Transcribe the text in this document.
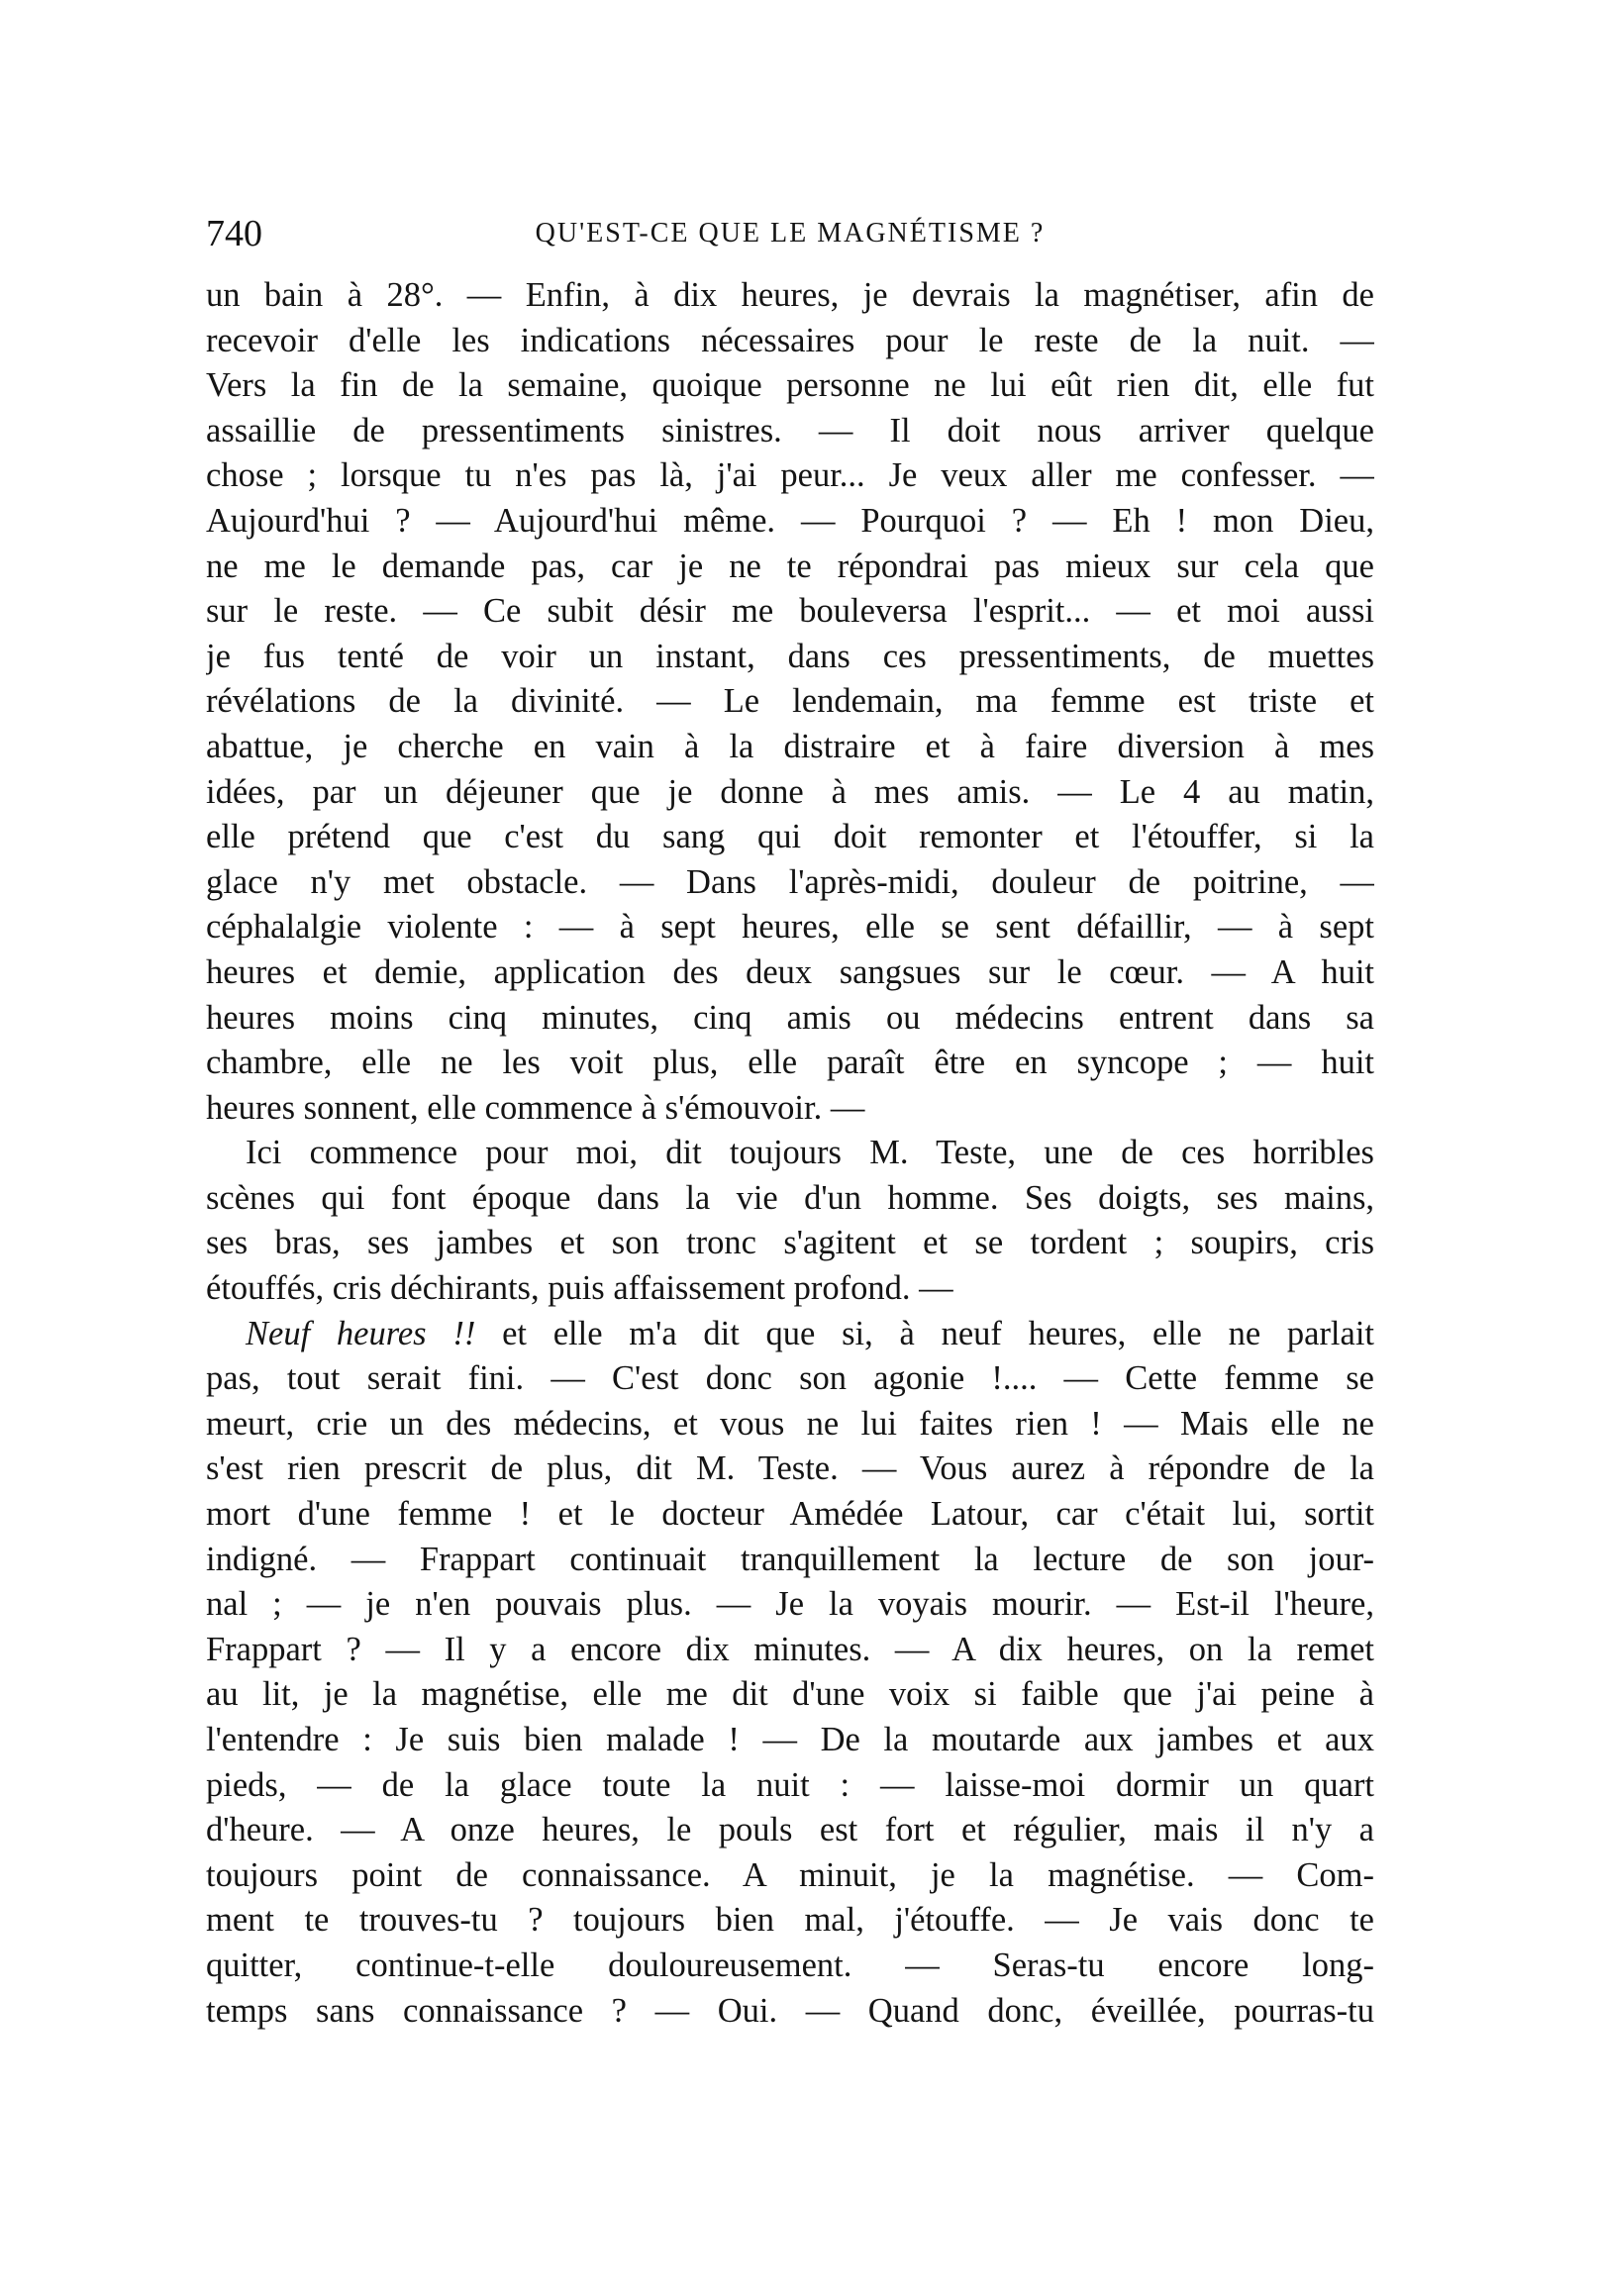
740	QU'EST-CE QUE LE MAGNÉTISME ?
un bain à 28°. — Enfin, à dix heures, je devrais la magnétiser, afin de
recevoir d'elle les indications nécessaires pour le reste de la nuit. —
Vers la fin de la semaine, quoique personne ne lui eût rien dit, elle fut
assaillie de pressentiments sinistres. — Il doit nous arriver quelque
chose ; lorsque tu n'es pas là, j'ai peur... Je veux aller me confesser. —
Aujourd'hui ? — Aujourd'hui même. — Pourquoi ? — Eh ! mon Dieu,
ne me le demande pas, car je ne te répondrai pas mieux sur cela que
sur le reste. — Ce subit désir me bouleversa l'esprit... — et moi aussi
je fus tenté de voir un instant, dans ces pressentiments, de muettes
révélations de la divinité. — Le lendemain, ma femme est triste et
abattue, je cherche en vain à la distraire et à faire diversion à mes
idées, par un déjeuner que je donne à mes amis. — Le 4 au matin,
elle prétend que c'est du sang qui doit remonter et l'étouffer, si la
glace n'y met obstacle. — Dans l'après-midi, douleur de poitrine, —
céphalalgie violente : — à sept heures, elle se sent défaillir, — à sept
heures et demie, application des deux sangsues sur le cœur. — A huit
heures moins cinq minutes, cinq amis ou médecins entrent dans sa
chambre, elle ne les voit plus, elle paraît être en syncope ; — huit
heures sonnent, elle commence à s'émouvoir. —
Ici commence pour moi, dit toujours M. Teste, une de ces horribles
scènes qui font époque dans la vie d'un homme. Ses doigts, ses mains,
ses bras, ses jambes et son tronc s'agitent et se tordent ; soupirs, cris
étouffés, cris déchirants, puis affaissement profond. —
Neuf heures !! et elle m'a dit que si, à neuf heures, elle ne parlait
pas, tout serait fini. — C'est donc son agonie !.... — Cette femme se
meurt, crie un des médecins, et vous ne lui faites rien ! — Mais elle ne
s'est rien prescrit de plus, dit M. Teste. — Vous aurez à répondre de la
mort d'une femme ! et le docteur Amédée Latour, car c'était lui, sortit
indigné. — Frappart continuait tranquillement la lecture de son jour-
nal ; — je n'en pouvais plus. — Je la voyais mourir. — Est-il l'heure,
Frappart ? — Il y a encore dix minutes. — A dix heures, on la remet
au lit, je la magnétise, elle me dit d'une voix si faible que j'ai peine à
l'entendre : Je suis bien malade ! — De la moutarde aux jambes et aux
pieds, — de la glace toute la nuit : — laisse-moi dormir un quart
d'heure. — A onze heures, le pouls est fort et régulier, mais il n'y a
toujours point de connaissance. A minuit, je la magnétise. — Com-
ment te trouves-tu ? toujours bien mal, j'étouffe. — Je vais donc te
quitter, continue-t-elle douloureusement. — Seras-tu encore long-
temps sans connaissance ? — Oui. — Quand donc, éveillée, pourras-tu
